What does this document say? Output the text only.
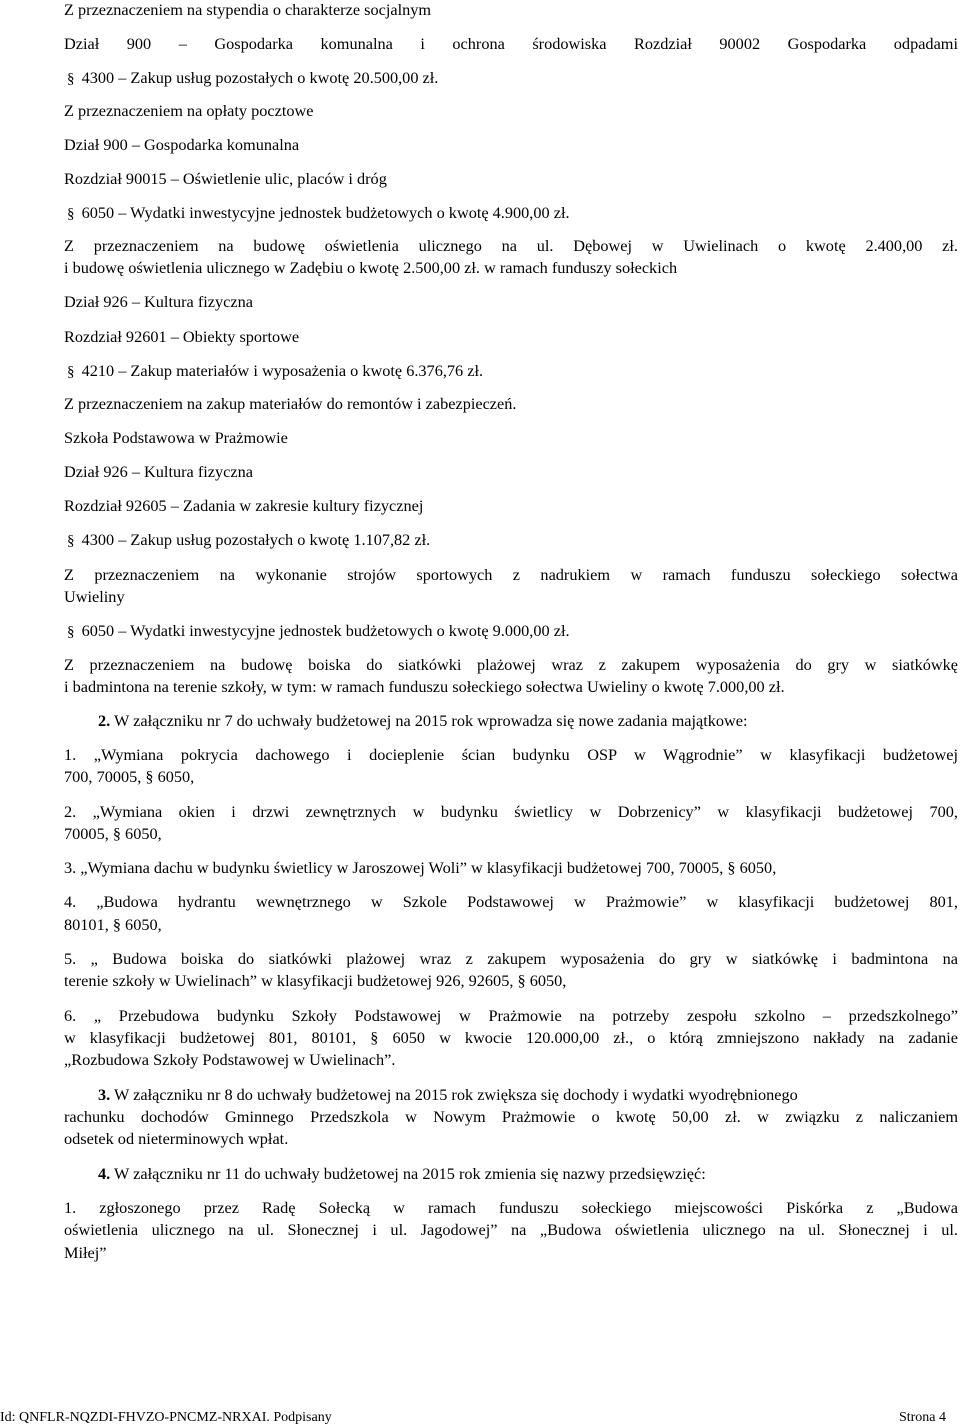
Z przeznaczeniem na stypendia o charakterze socjalnym
Dział 900 – Gospodarka komunalna i ochrona środowiska Rozdział 90002 Gospodarka odpadami
§ 4300 – Zakup usług pozostałych o kwotę 20.500,00 zł.
Z przeznaczeniem na opłaty pocztowe
Dział 900 – Gospodarka komunalna
Rozdział 90015 – Oświetlenie ulic, placów i dróg
§ 6050 – Wydatki inwestycyjne jednostek budżetowych o kwotę 4.900,00 zł.
Z przeznaczeniem na budowę oświetlenia ulicznego na ul. Dębowej w Uwielinach o kwotę 2.400,00 zł.
i budowę oświetlenia ulicznego w Zadębiu o kwotę 2.500,00 zł. w ramach funduszy sołeckich
Dział 926 – Kultura fizyczna
Rozdział 92601 – Obiekty sportowe
§ 4210 – Zakup materiałów i wyposażenia o kwotę 6.376,76 zł.
Z przeznaczeniem na zakup materiałów do remontów i zabezpieczeń.
Szkoła Podstawowa w Prażmowie
Dział 926 – Kultura fizyczna
Rozdział 92605 – Zadania w zakresie kultury fizycznej
§ 4300 – Zakup usług pozostałych o kwotę 1.107,82 zł.
Z przeznaczeniem na wykonanie strojów sportowych z nadrukiem w ramach funduszu sołeckiego sołectwa
Uwieliny
§ 6050 – Wydatki inwestycyjne jednostek budżetowych o kwotę 9.000,00 zł.
Z przeznaczeniem na budowę boiska do siatkówki plażowej wraz z zakupem wyposażenia do gry w siatkówkę
i badmintona na terenie szkoły, w tym: w ramach funduszu sołeckiego sołectwa Uwieliny o kwotę 7.000,00 zł.
2. W załączniku nr 7 do uchwały budżetowej na 2015 rok wprowadza się nowe zadania majątkowe:
1. „Wymiana pokrycia dachowego i docieplenie ścian budynku OSP w Wągrodnie” w klasyfikacji budżetowej
700, 70005, § 6050,
2. „Wymiana okien i drzwi zewnętrznych w budynku świetlicy w Dobrzenicy” w klasyfikacji budżetowej 700,
70005, § 6050,
3. „Wymiana dachu w budynku świetlicy w Jaroszowej Woli” w klasyfikacji budżetowej 700, 70005, § 6050,
4. „Budowa hydrantu wewnętrznego w Szkole Podstawowej w Prażmowie” w klasyfikacji budżetowej 801,
80101, § 6050,
5. „ Budowa boiska do siatkówki plażowej wraz z zakupem wyposażenia do gry w siatkówkę i badmintona na
terenie szkoły w Uwielinach” w klasyfikacji budżetowej 926, 92605, § 6050,
6. „ Przebudowa budynku Szkoły Podstawowej w Prażmowie na potrzeby zespołu szkolno – przedszkolnego”
w klasyfikacji budżetowej 801, 80101, § 6050 w kwocie 120.000,00 zł., o którą zmniejszono nakłady na zadanie
„Rozbudowa Szkoły Podstawowej w Uwielinach”.
3. W załączniku nr 8 do uchwały budżetowej na 2015 rok zwiększa się dochody i wydatki wyodrębnionego
rachunku dochodów Gminnego Przedszkola w Nowym Prażmowie o kwotę 50,00 zł. w związku z naliczaniem
odsetek od nieterminowych wpłat.
4. W załączniku nr 11 do uchwały budżetowej na 2015 rok zmienia się nazwy przedsięwzięć:
1. zgłoszonego przez Radę Sołecką w ramach funduszu sołeckiego miejscowości Piskórka z „Budowa
oświetlenia ulicznego na ul. Słonecznej i ul. Jagodowej” na „Budowa oświetlenia ulicznego na ul. Słonecznej i ul.
Miłej”
Id: QNFLR-NQZDI-FHVZO-PNCMZ-NRXAI. Podpisany	Strona 4
